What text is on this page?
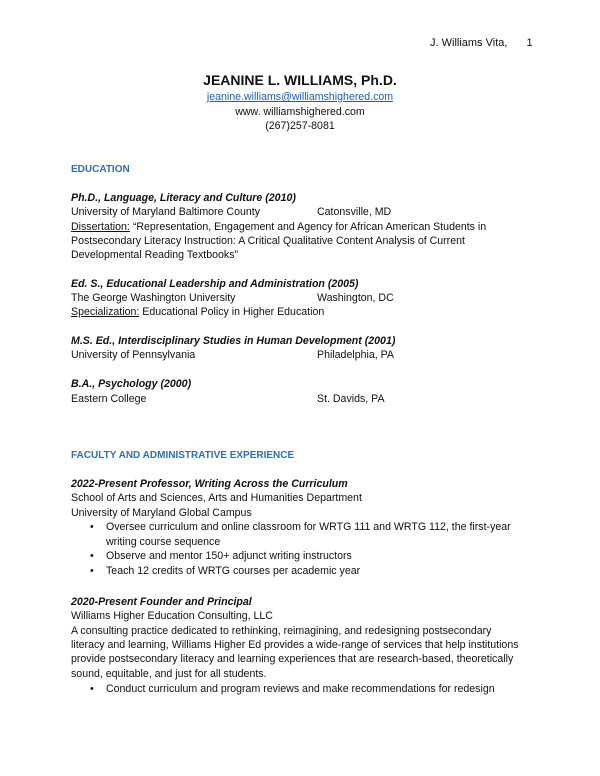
J. Williams Vita, 1
JEANINE L. WILLIAMS, Ph.D.
jeanine.williams@williamshighered.com
www. williamshighered.com
(267)257-8081
EDUCATION
Ph.D., Language, Literacy and Culture (2010)
University of Maryland Baltimore County	Catonsville, MD
Dissertation: “Representation, Engagement and Agency for African American Students in
Postsecondary Literacy Instruction: A Critical Qualitative Content Analysis of Current
Developmental Reading Textbooks”
Ed. S., Educational Leadership and Administration (2005)
The George Washington University	Washington, DC
Specialization: Educational Policy in Higher Education
M.S. Ed., Interdisciplinary Studies in Human Development (2001)
University of Pennsylvania	Philadelphia, PA
B.A., Psychology (2000)
Eastern College	St. Davids, PA
FACULTY AND ADMINISTRATIVE EXPERIENCE
2022-Present Professor, Writing Across the Curriculum
School of Arts and Sciences, Arts and Humanities Department
University of Maryland Global Campus
• Oversee curriculum and online classroom for WRTG 111 and WRTG 112, the first-year
writing course sequence
• Observe and mentor 150+ adjunct writing instructors
• Teach 12 credits of WRTG courses per academic year
2020-Present Founder and Principal
Williams Higher Education Consulting, LLC
A consulting practice dedicated to rethinking, reimagining, and redesigning postsecondary
literacy and learning, Williams Higher Ed provides a wide-range of services that help institutions
provide postsecondary literacy and learning experiences that are research-based, theoretically
sound, equitable, and just for all students.
• Conduct curriculum and program reviews and make recommendations for redesign
